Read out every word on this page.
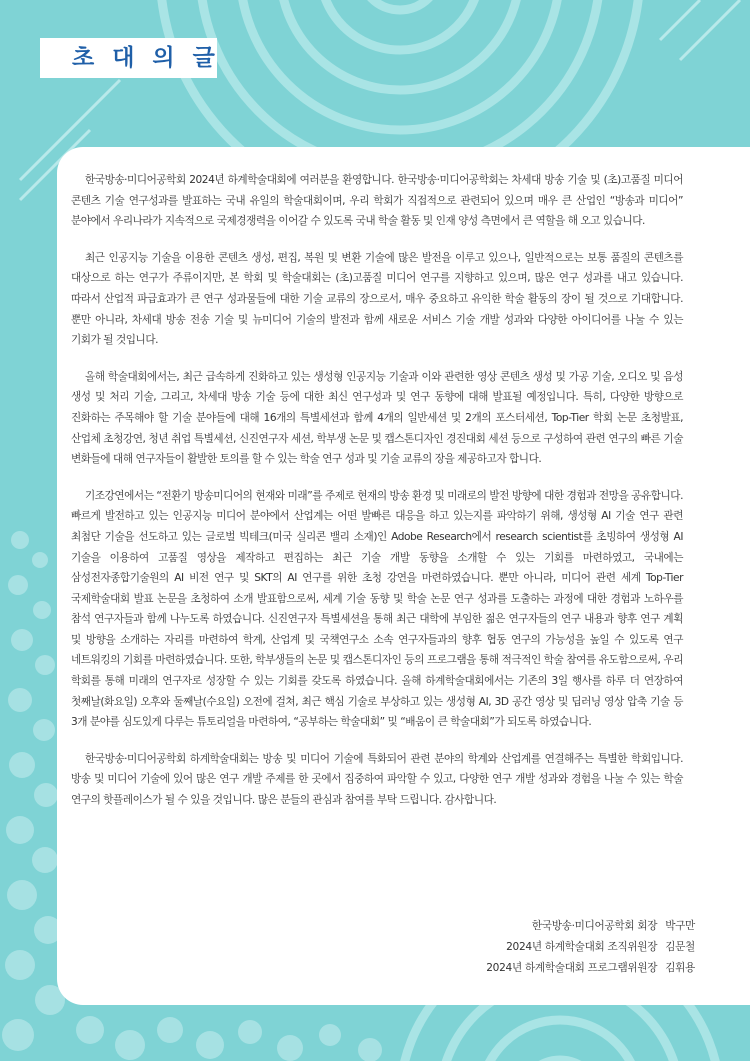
초대의글

한국방송·미디어공학회 2024년 하계학술대회에 여러분을 환영합니다. 한국방송·미디어공학회는 차세대 방송 기술 및 (초)고품질 미디어 콘텐츠 기술 연구성과를 발표하는 국내 유일의 학술대회이며, 우리 학회가 직접적으로 관련되어 있으며 매우 큰 산업인 “방송과 미디어” 분야에서 우리나라가 지속적으로 국제경쟁력을 이어갈 수 있도록 국내 학술 활동 및 인재 양성 측면에서 큰 역할을 해 오고 있습니다.

최근 인공지능 기술을 이용한 콘텐츠 생성, 편집, 복원 및 변환 기술에 많은 발전을 이루고 있으나, 일반적으로는 보통 품질의 콘텐츠를 대상으로 하는 연구가 주류이지만, 본 학회 및 학술대회는 (초)고품질 미디어 연구를 지향하고 있으며, 많은 연구 성과를 내고 있습니다. 따라서 산업적 파급효과가 큰 연구 성과물들에 대한 기술 교류의 장으로서, 매우 중요하고 유익한 학술 활동의 장이 될 것으로 기대합니다. 뿐만 아니라, 차세대 방송 전송 기술 및 뉴미디어 기술의 발전과 함께 새로운 서비스 기술 개발 성과와 다양한 아이디어를 나눌 수 있는 기회가 될 것입니다.

올해 학술대회에서는, 최근 급속하게 진화하고 있는 생성형 인공지능 기술과 이와 관련한 영상 콘텐츠 생성 및 가공 기술, 오디오 및 음성 생성 및 처리 기술, 그리고, 차세대 방송 기술 등에 대한 최신 연구성과 및 연구 동향에 대해 발표될 예정입니다. 특히, 다양한 방향으로 진화하는 주목해야 할 기술 분야들에 대해 16개의 특별세션과 함께 4개의 일반세션 및 2개의 포스터세션, Top-Tier 학회 논문 초청발표, 산업체 초청강연, 청년 취업 특별세션, 신진연구자 세션, 학부생 논문 및 캡스톤디자인 경진대회 세션 등으로 구성하여 관련 연구의 빠른 기술 변화들에 대해 연구자들이 활발한 토의를 할 수 있는 학술 연구 성과 및 기술 교류의 장을 제공하고자 합니다.

기조강연에서는 “전환기 방송미디어의 현재와 미래”를 주제로 현재의 방송 환경 및 미래로의 발전 방향에 대한 경험과 전망을 공유합니다. 빠르게 발전하고 있는 인공지능 미디어 분야에서 산업계는 어떤 발빠른 대응을 하고 있는지를 파악하기 위해, 생성형 AI 기술 연구 관련 최첨단 기술을 선도하고 있는 글로벌 빅테크(미국 실리콘 밸리 소재)인 Adobe Research에서 research scientist를 초빙하여 생성형 AI 기술을 이용하여 고품질 영상을 제작하고 편집하는 최근 기술 개발 동향을 소개할 수 있는 기회를 마련하였고, 국내에는 삼성전자종합기술원의 AI 비전 연구 및 SKT의 AI 연구를 위한 초청 강연을 마련하였습니다. 뿐만 아니라, 미디어 관련 세계 Top-Tier 국제학술대회 발표 논문을 초청하여 소개 발표함으로써, 세계 기술 동향 및 학술 논문 연구 성과를 도출하는 과정에 대한 경험과 노하우를 참석 연구자들과 함께 나누도록 하였습니다. 신진연구자 특별세션을 통해 최근 대학에 부임한 젊은 연구자들의 연구 내용과 향후 연구 계획 및 방향을 소개하는 자리를 마련하여 학계, 산업계 및 국책연구소 소속 연구자들과의 향후 협동 연구의 가능성을 높일 수 있도록 연구 네트워킹의 기회를 마련하였습니다. 또한, 학부생들의 논문 및 캡스톤디자인 등의 프로그램을 통해 적극적인 학술 참여를 유도함으로써, 우리 학회를 통해 미래의 연구자로 성장할 수 있는 기회를 갖도록 하였습니다. 올해 하계학술대회에서는 기존의 3일 행사를 하루 더 연장하여 첫째날(화요일) 오후와 둘째날(수요일) 오전에 걸쳐, 최근 핵심 기술로 부상하고 있는 생성형 AI, 3D 공간 영상 및 딥러닝 영상 압축 기술 등 3개 분야를 심도있게 다루는 튜토리얼을 마련하여, “공부하는 학술대회” 및 “배움이 큰 학술대회”가 되도록 하였습니다.

한국방송·미디어공학회 하계학술대회는 방송 및 미디어 기술에 특화되어 관련 분야의 학계와 산업계를 연결해주는 특별한 학회입니다. 방송 및 미디어 기술에 있어 많은 연구 개발 주제를 한 곳에서 집중하여 파악할 수 있고, 다양한 연구 개발 성과와 경험을 나눌 수 있는 학술 연구의 핫플레이스가 될 수 있을 것입니다. 많은 분들의 관심과 참여를 부탁 드립니다. 감사합니다.

한국방송·미디어공학회 회장 박구만
2024년 하계학술대회 조직위원장 김문철
2024년 하계학술대회 프로그램위원장 김휘용
